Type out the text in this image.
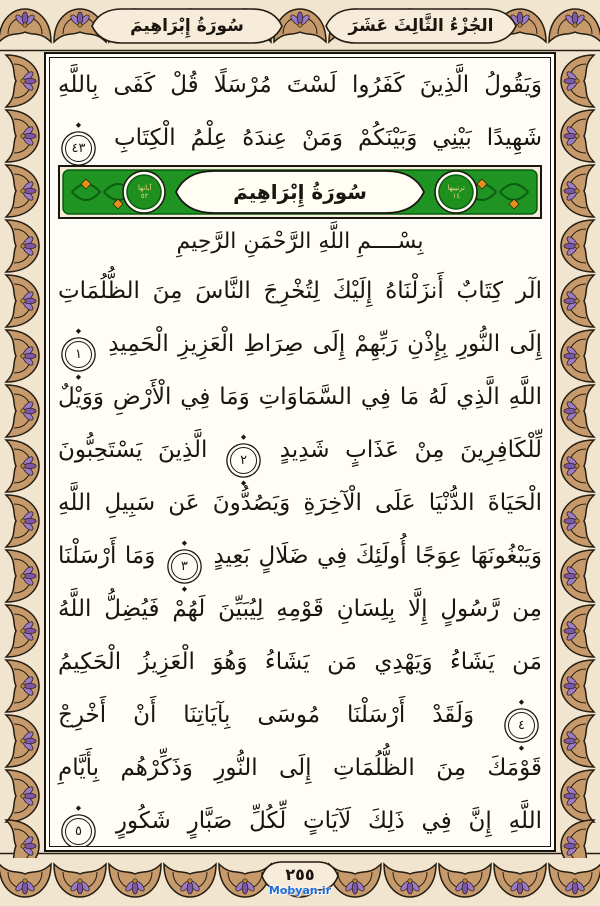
سُورَةُ إِبْرَاهِيمَ	الجُزْءُ الثَّالِثَ عَشَرَ
وَيَقُولُ الَّذِينَ كَفَرُوا لَسْتَ مُرْسَلًا قُلْ كَفَى بِاللَّهِ
شَهِيدًا بَيْنِي وَبَيْنَكُمْ وَمَنْ عِندَهُ عِلْمُ الْكِتَابِ ◆ ٤٣ ◆
سُورَةُ إِبْرَاهِيمَ
آياتها
٥٢
ترتيبها
١٤
بِسْــــمِ اللَّهِ الرَّحْمَنِ الرَّحِيمِ
الٓر كِتَابٌ أَنزَلْنَاهُ إِلَيْكَ لِتُخْرِجَ النَّاسَ مِنَ الظُّلُمَاتِ
إِلَى النُّورِ بِإِذْنِ رَبِّهِمْ إِلَى صِرَاطِ الْعَزِيزِ الْحَمِيدِ ◆ ١ ◆
اللَّهِ الَّذِي لَهُ مَا فِي السَّمَاوَاتِ وَمَا فِي الْأَرْضِ وَوَيْلٌ
لِّلْكَافِرِينَ مِنْ عَذَابٍ شَدِيدٍ ◆ ٢ ◆ الَّذِينَ يَسْتَحِبُّونَ
الْحَيَاةَ الدُّنْيَا عَلَى الْآخِرَةِ وَيَصُدُّونَ عَن سَبِيلِ اللَّهِ
وَيَبْغُونَهَا عِوَجًا أُولَئِكَ فِي ضَلَالٍ بَعِيدٍ ◆ ٣ ◆ وَمَا أَرْسَلْنَا
مِن رَّسُولٍ إِلَّا بِلِسَانِ قَوْمِهِ لِيُبَيِّنَ لَهُمْ فَيُضِلُّ اللَّهُ
مَن يَشَاءُ وَيَهْدِي مَن يَشَاءُ وَهُوَ الْعَزِيزُ الْحَكِيمُ
◆ ٤ ◆ وَلَقَدْ أَرْسَلْنَا مُوسَى بِآيَاتِنَا أَنْ أَخْرِجْ
قَوْمَكَ مِنَ الظُّلُمَاتِ إِلَى النُّورِ وَذَكِّرْهُم بِأَيَّامِ
اللَّهِ إِنَّ فِي ذَلِكَ لَآيَاتٍ لِّكُلِّ صَبَّارٍ شَكُورٍ ◆ ٥ ◆
٢٥٥
Mobyan.ir
